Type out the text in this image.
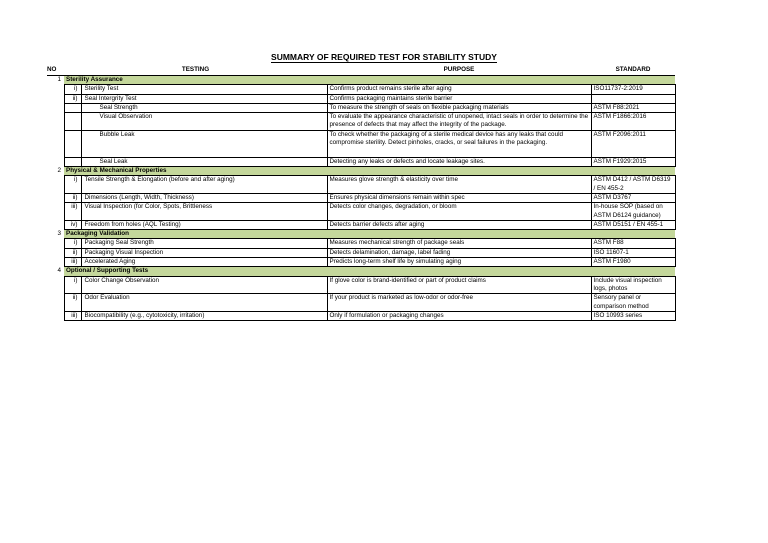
SUMMARY OF REQUIRED TEST FOR STABILITY STUDY
NO	TESTING		PURPOSE	STANDARD
1	Sterility Assurance			
	i)	Sterility Test	Confirms product remains sterile after aging	ISO11737-2:2019
	ii)	Seal Intergrity Test	Confirms packaging maintains sterile barrier	
		Seal Strength	To measure the strength of seals on flexible packaging materials	ASTM F88:2021
		Visual Observation	To evaluate the appearance characteristic of unopened, intact seals in order to determine the presence of defects that may affect the integrity of the package.	ASTM F1866:2016
		Bubble Leak	To check whether the packaging of a sterile medical device has any leaks that could compromise sterility. Detect pinholes, cracks, or seal failures in the packaging.	ASTM F2096:2011
		Seal Leak	Detecting any leaks or defects and locate leakage sites.	ASTM F1929:2015
2	Physical & Mechanical Properties			
	i)	Tensile Strength & Elongation (before and after aging)	Measures glove strength & elasticity over time	ASTM D412 / ASTM D6319 / EN 455-2
	ii)	Dimensions (Length, Width, Thickness)	Ensures physical dimensions remain within spec	ASTM D3767
	iii)	Visual Inspection (for Color, Spots, Brittleness	Detects color changes, degradation, or bloom	In-house SOP (based on ASTM D6124 guidance)
	iv)	Freedom from holes (AQL Testing)	Detects barrier defects after aging	ASTM D5151 / EN 455-1
3	Packaging Validation			
	i)	Packaging Seal Strength	Measures mechanical strength of package seals	ASTM F88
	ii)	Packaging Visual Inspection	Detects delamination, damage, label fading	ISO 11607-1
	iii)	Accelerated Aging	Predicts long-term shelf life by simulating aging	ASTM F1980
4	Optional / Supporting Tests			
	i)	Color Change Observation	If glove color is brand-identified or part of product claims	Include visual inspection logs, photos
	ii)	Odor Evaluation	If your product is marketed as low-odor or odor-free	Sensory panel or comparison method
	iii)	Biocompatibility (e.g., cytotoxicity, irritation)	Only if formulation or packaging changes	ISO 10993 series
